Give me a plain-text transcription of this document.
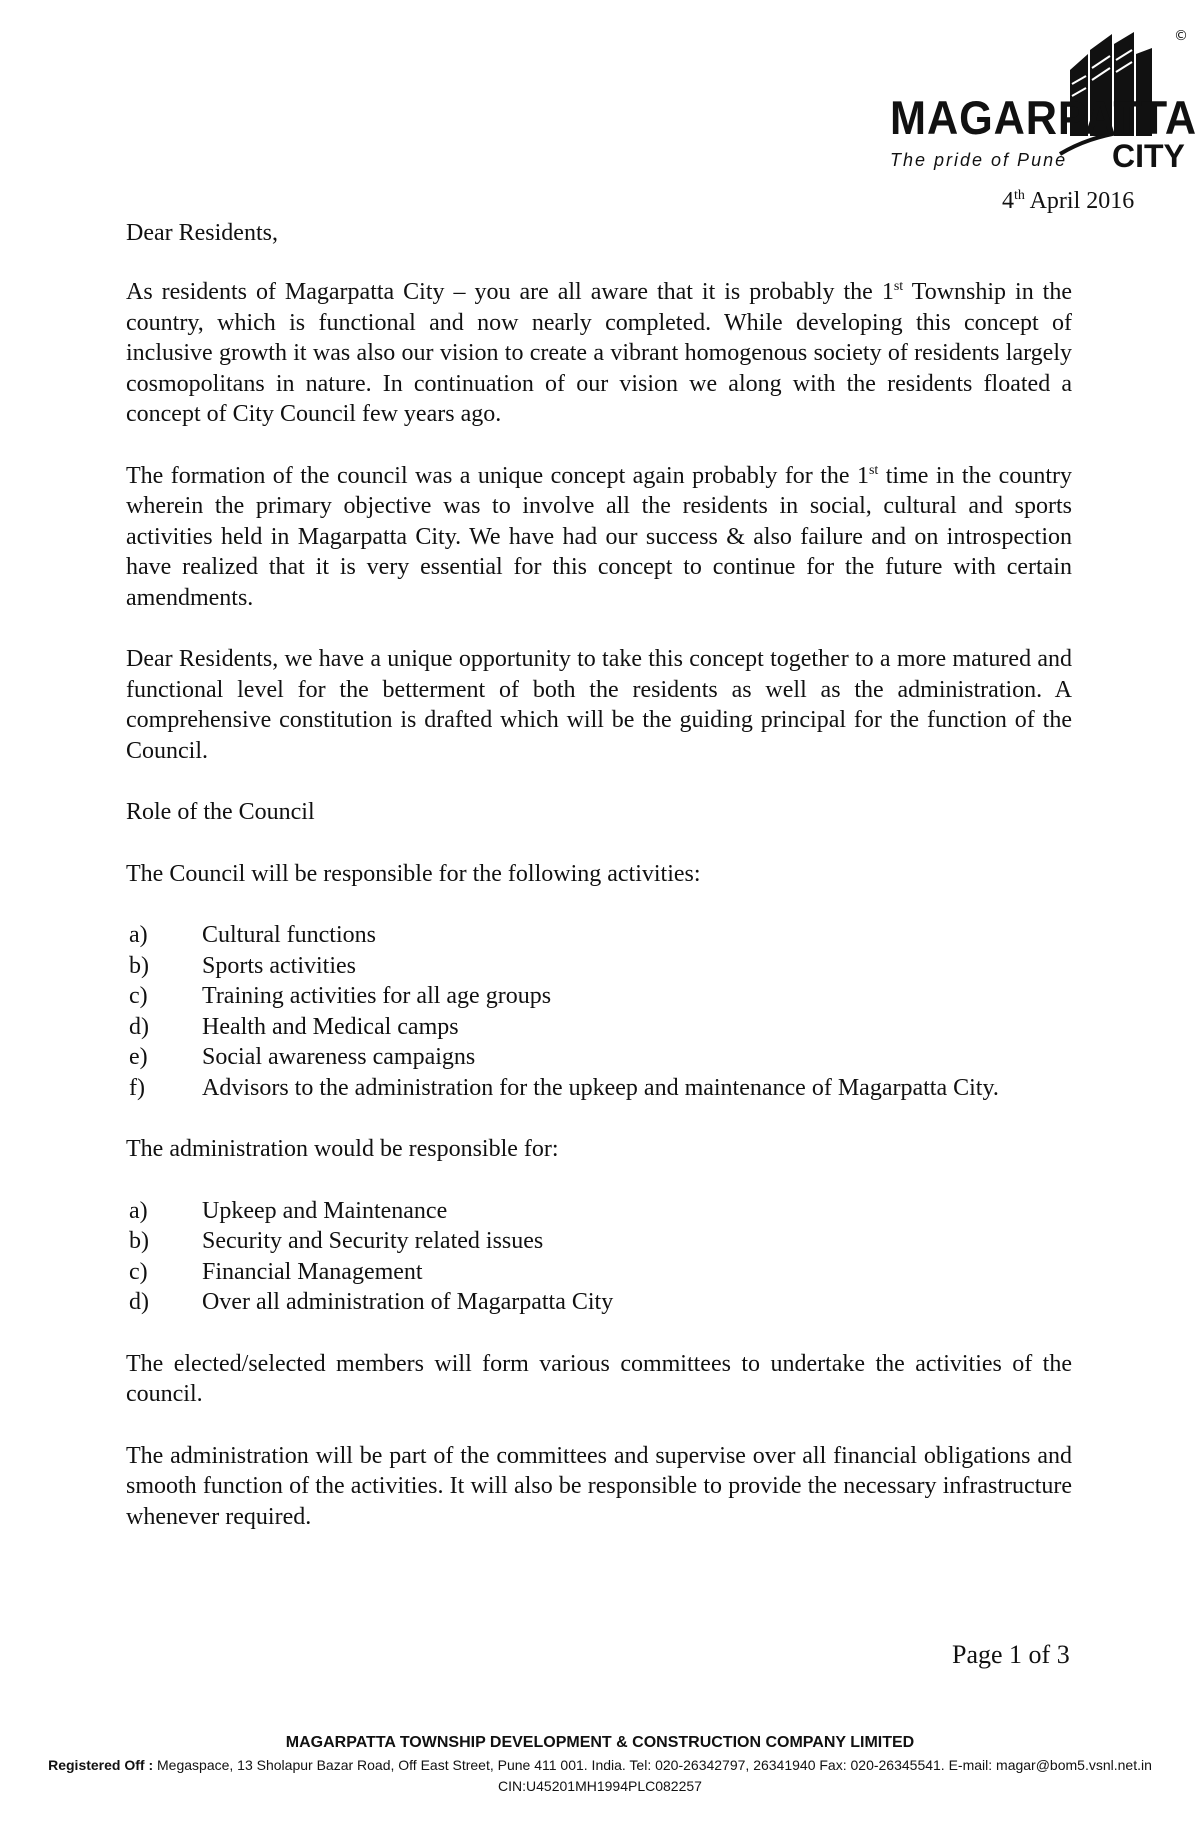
MAGARPATTA
The pride of Pune CITY
©
4th April 2016
Dear Residents,

As residents of Magarpatta City – you are all aware that it is probably the 1st Township in the country, which is functional and now nearly completed. While developing this concept of inclusive growth it was also our vision to create a vibrant homogenous society of residents largely cosmopolitans in nature. In continuation of our vision we along with the residents floated a concept of City Council few years ago.

The formation of the council was a unique concept again probably for the 1st time in the country wherein the primary objective was to involve all the residents in social, cultural and sports activities held in Magarpatta City. We have had our success & also failure and on introspection have realized that it is very essential for this concept to continue for the future with certain amendments.

Dear Residents, we have a unique opportunity to take this concept together to a more matured and functional level for the betterment of both the residents as well as the administration. A comprehensive constitution is drafted which will be the guiding principal for the function of the Council.

Role of the Council

The Council will be responsible for the following activities:

a)	Cultural functions
b)	Sports activities
c)	Training activities for all age groups
d)	Health and Medical camps
e)	Social awareness campaigns
f)	Advisors to the administration for the upkeep and maintenance of Magarpatta City.

The administration would be responsible for:

a)	Upkeep and Maintenance
b)	Security and Security related issues
c)	Financial Management
d)	Over all administration of Magarpatta City

The elected/selected members will form various committees to undertake the activities of the council.

The administration will be part of the committees and supervise over all financial obligations and smooth function of the activities. It will also be responsible to provide the necessary infrastructure whenever required.

Page 1 of 3
MAGARPATTA TOWNSHIP DEVELOPMENT & CONSTRUCTION COMPANY LIMITED
Registered Off : Megaspace, 13 Sholapur Bazar Road, Off East Street, Pune 411 001. India. Tel: 020-26342797, 26341940 Fax: 020-26345541. E-mail: magar@bom5.vsnl.net.in
CIN:U45201MH1994PLC082257
